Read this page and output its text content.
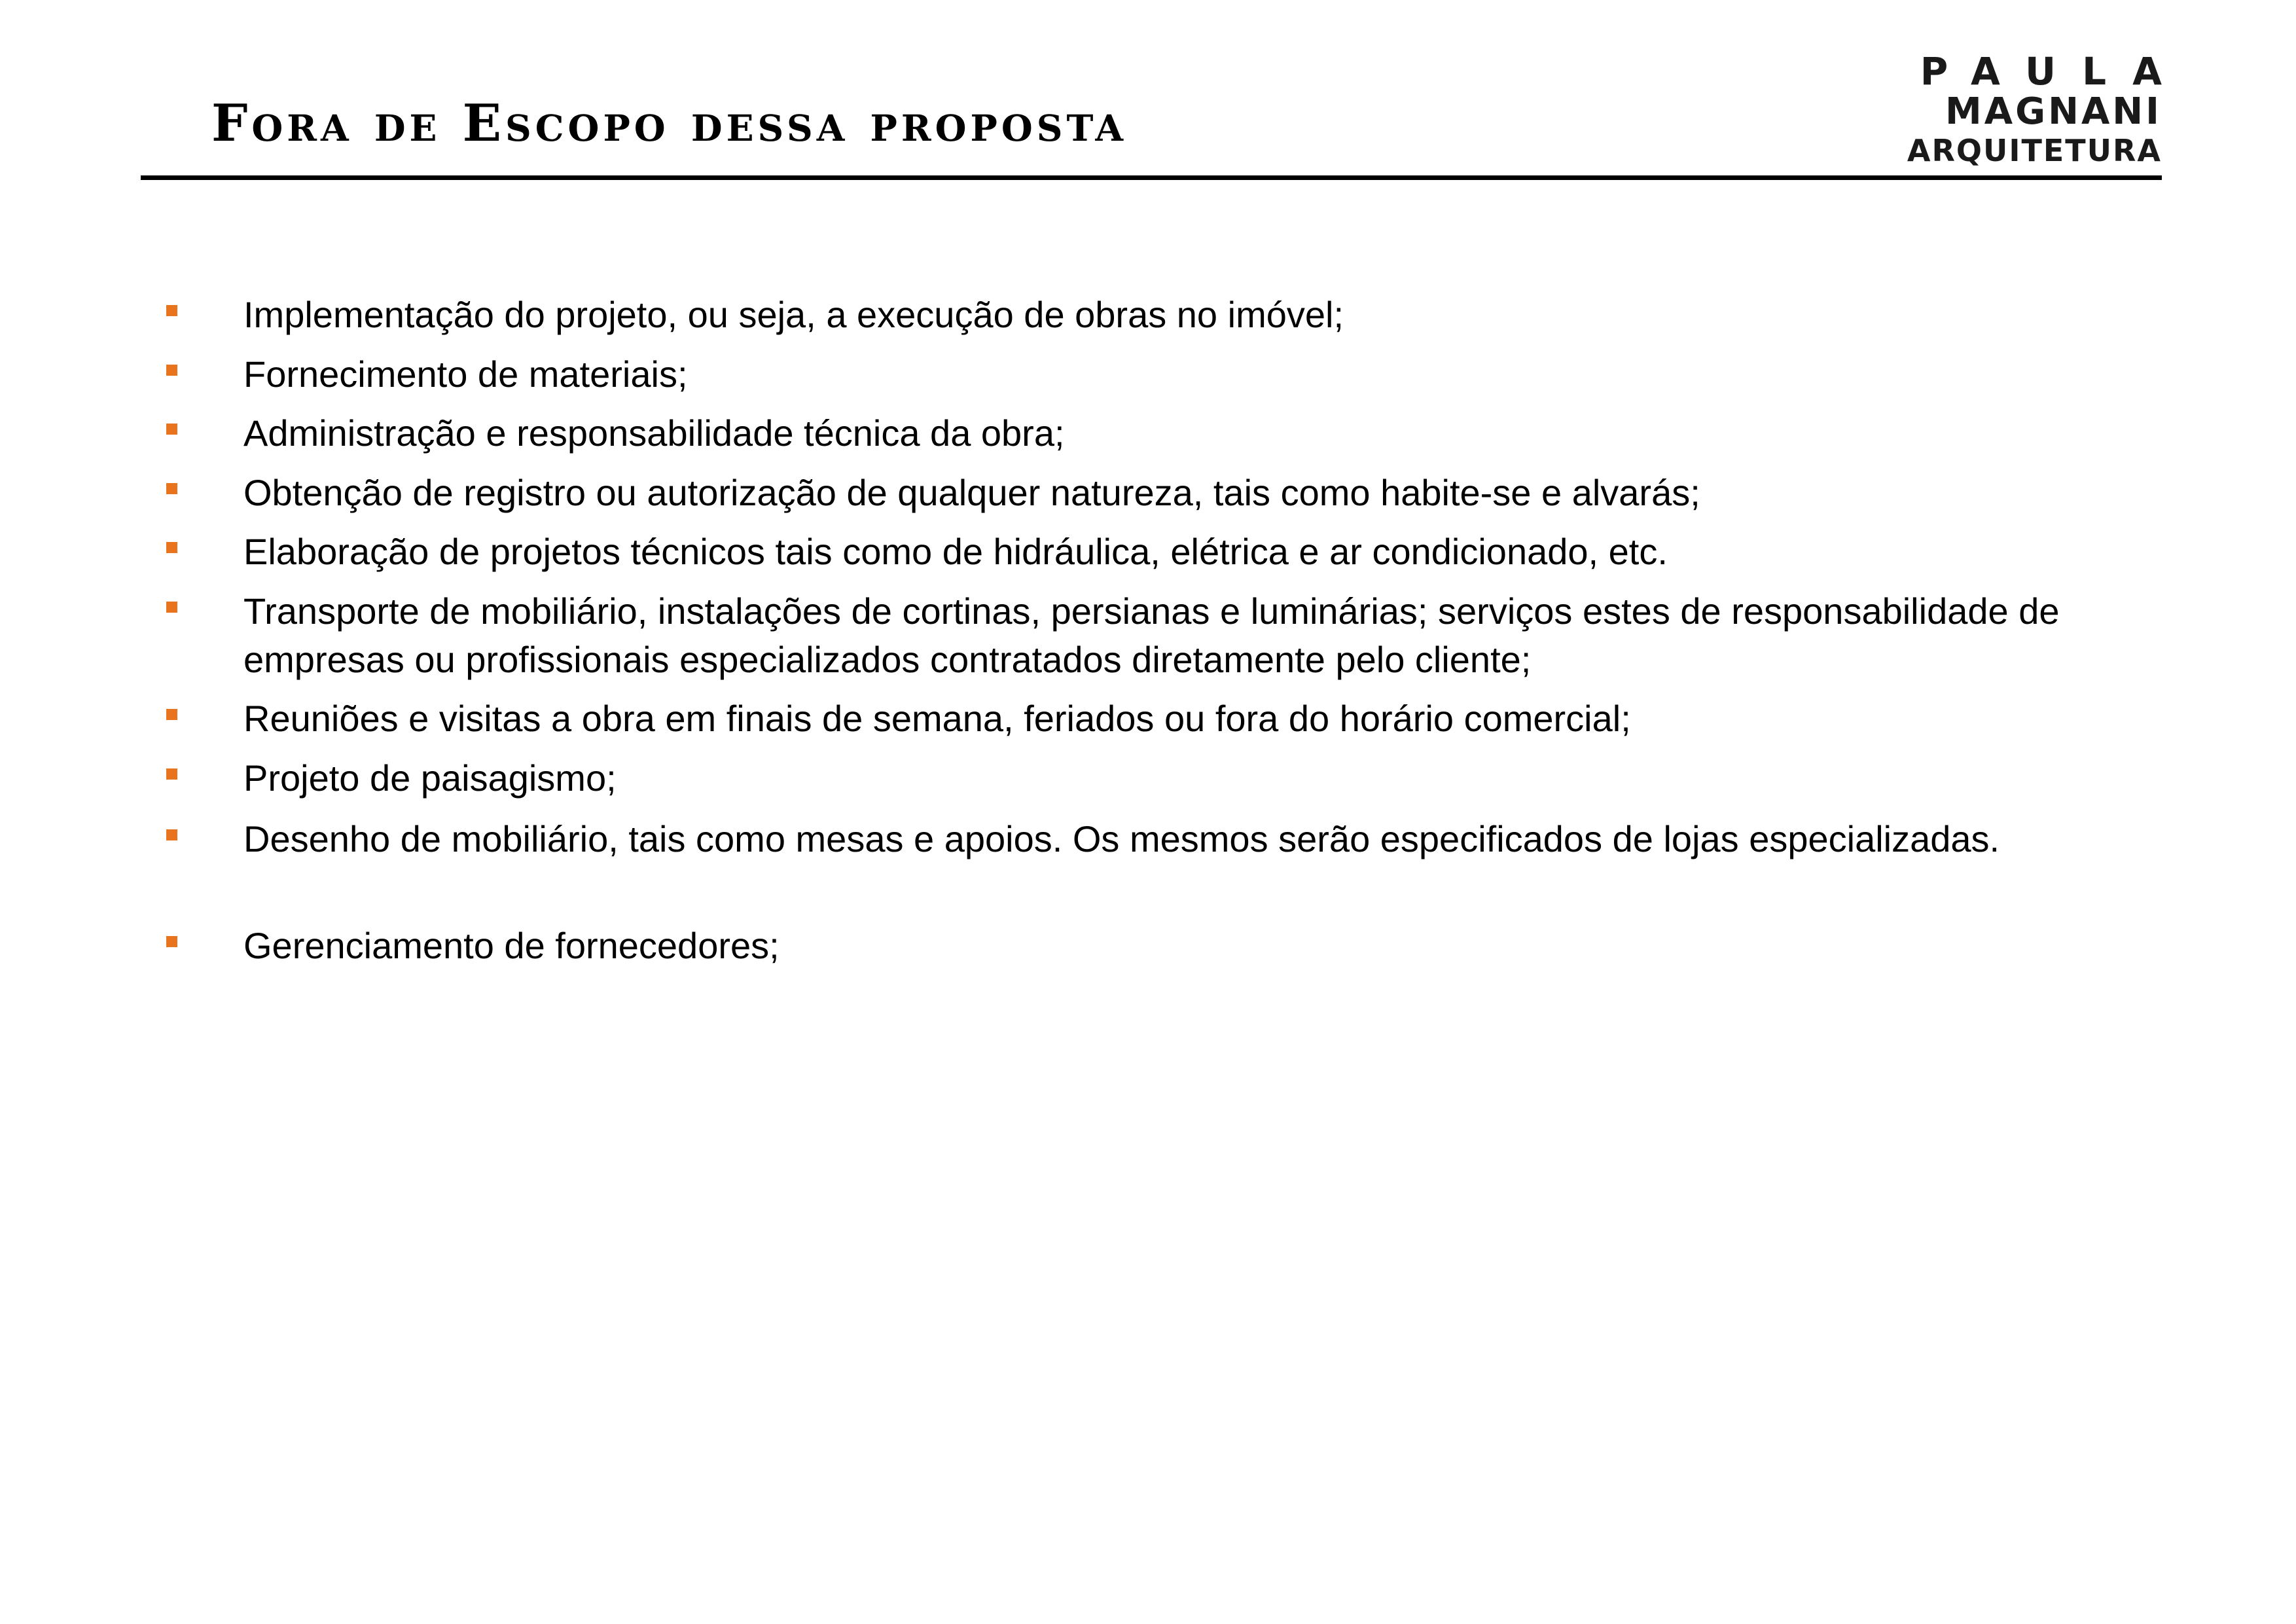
Fora de Escopo dessa proposta
PAULA
MAGNANI
ARQUITETURA
Implementação do projeto, ou seja, a execução de obras no imóvel;
Fornecimento de materiais;
Administração e responsabilidade técnica da obra;
Obtenção de registro ou autorização de qualquer natureza, tais como habite-se e alvarás;
Elaboração de projetos técnicos tais como de hidráulica, elétrica e ar condicionado, etc.
Transporte de mobiliário, instalações de cortinas, persianas e luminárias; serviços estes de responsabilidade de empresas ou profissionais especializados contratados diretamente pelo cliente;
Reuniões e visitas a obra em finais de semana, feriados ou fora do horário comercial;
Projeto de paisagismo;
Desenho de mobiliário, tais como mesas e apoios. Os mesmos serão especificados de lojas especializadas.
Gerenciamento de fornecedores;
